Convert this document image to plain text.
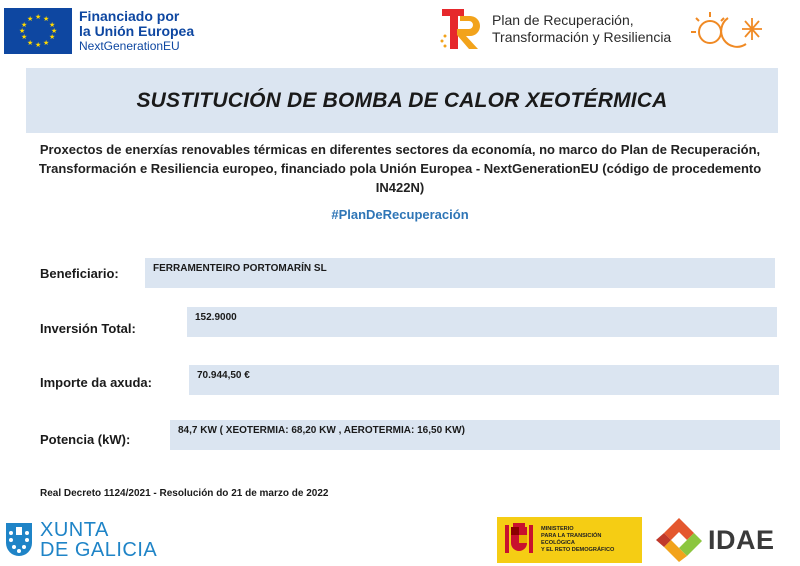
★ ★
★
★
★
★
★
★
★
★
★
★	Financiado por
la Unión Europea
NextGenerationEU
Plan de Recuperación,
Transformación y Resiliencia
SUSTITUCIÓN DE BOMBA DE CALOR XEOTÉRMICA
Proxectos de enerxías renovables térmicas en diferentes sectores da economía, no marco do Plan de Recuperación, Transformación e Resiliencia europeo, financiado pola Unión Europea - NextGenerationEU (código de procedemento IN422N)
#PlanDeRecuperación
Beneficiario:	FERRAMENTEIRO PORTOMARÍN SL
Inversión Total:
152.9000
Importe da axuda:	70.944,50 €
Potencia (kW):
84,7 KW ( XEOTERMIA: 68,20 KW , AEROTERMIA: 16,50 KW)
Real Decreto 1124/2021 - Resolución do 21 de marzo de 2022
XUNTA
DE GALICIA
MINISTERIO
PARA LA TRANSICIÓN ECOLÓGICA
Y EL RETO DEMOGRÁFICO	IDAE
